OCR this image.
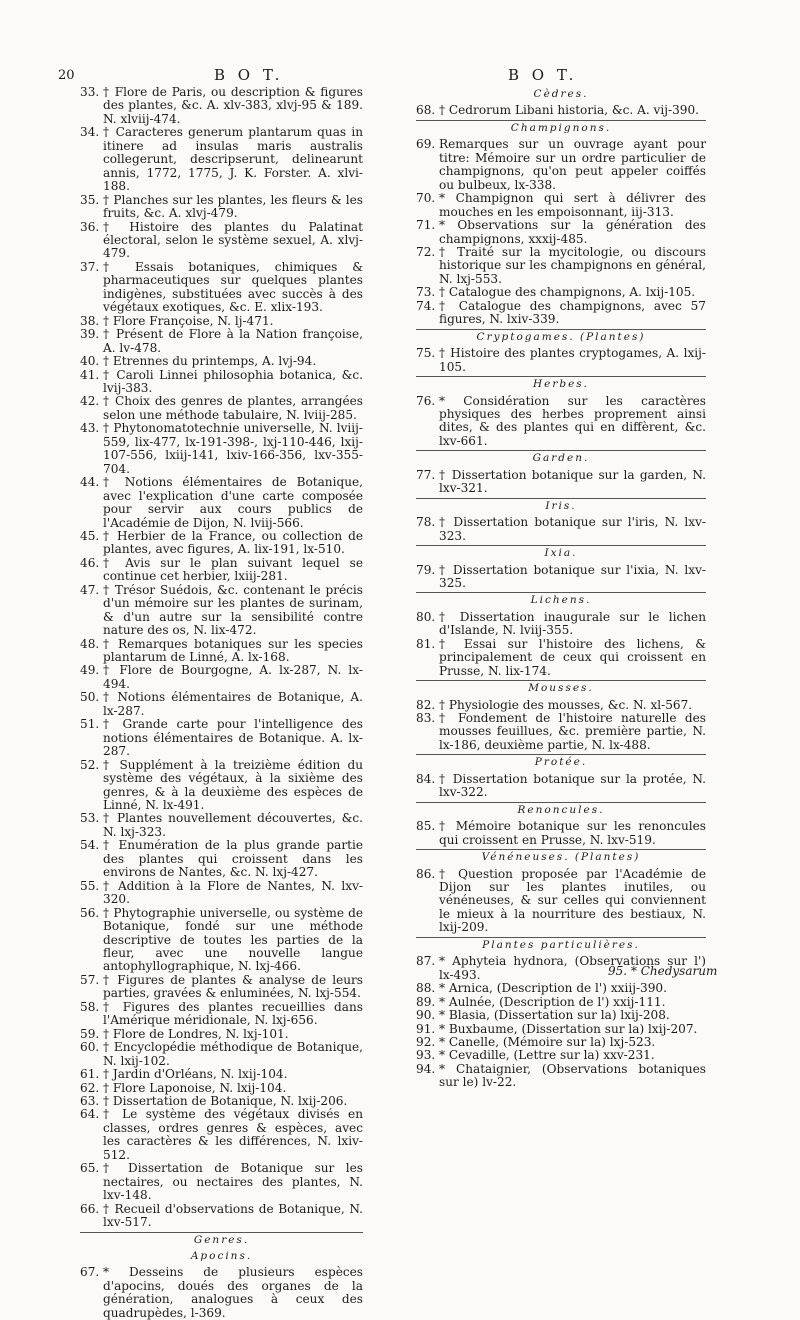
20	B O T.	B O T.
33. † Flore de Paris, ou description & figures des plantes, &c. A. xlv-383, xlvj-95 & 189. N. xlviij-474.
34. † Caracteres generum plantarum quas in itinere ad insulas maris australis collegerunt, descripserunt, delinearunt annis, 1772, 1775, J. K. Forster. A. xlvi-188.
35. † Planches sur les plantes, les fleurs & les fruits, &c. A. xlvj-479.
36. † Histoire des plantes du Palatinat électoral, selon le système sexuel, A. xlvj-479.
37. † Essais botaniques, chimiques & pharmaceutiques sur quelques plantes indigènes, substituées avec succès à des végétaux exotiques, &c. E. xlix-193.
38. † Flore Françoise, N. lj-471.
39. † Présent de Flore à la Nation françoise, A. lv-478.
40. † Etrennes du printemps, A. lvj-94.
41. † Caroli Linnei philosophia botanica, &c. lvij-383.
42. † Choix des genres de plantes, arrangées selon une méthode tabulaire, N. lviij-285.
43. † Phytonomatotechnie universelle, N. lviij-559, lix-477, lx-191-398-, lxj-110-446, lxij-107-556, lxiij-141, lxiv-166-356, lxv-355-704.
44. † Notions élémentaires de Botanique, avec l'explication d'une carte composée pour servir aux cours publics de l'Académie de Dijon, N. lviij-566.
45. † Herbier de la France, ou collection de plantes, avec figures, A. lix-191, lx-510.
46. † Avis sur le plan suivant lequel se continue cet herbier, lxiij-281.
47. † Trésor Suédois, &c. contenant le précis d'un mémoire sur les plantes de surinam, & d'un autre sur la sensibilité contre nature des os, N. lix-472.
48. † Remarques botaniques sur les species plantarum de Linné, A. lx-168.
49. † Flore de Bourgogne, A. lx-287, N. lx-494.
50. † Notions élémentaires de Botanique, A. lx-287.
51. † Grande carte pour l'intelligence des notions élémentaires de Botanique. A. lx-287.
52. † Supplément à la treizième édition du système des végétaux, à la sixième des genres, & à la deuxième des espèces de Linné, N. lx-491.
53. † Plantes nouvellement découvertes, &c. N. lxj-323.
54. † Enumération de la plus grande partie des plantes qui croissent dans les environs de Nantes, &c. N. lxj-427.
55. † Addition à la Flore de Nantes, N. lxv-320.
56. † Phytographie universelle, ou système de Botanique, fondé sur une méthode descriptive de toutes les parties de la fleur, avec une nouvelle langue antophyllographique, N. lxj-466.
57. † Figures de plantes & analyse de leurs parties, gravées & enluminées, N. lxj-554.
58. † Figures des plantes recueillies dans l'Amérique méridionale, N. lxj-656.
59. † Flore de Londres, N. lxj-101.
60. † Encyclopédie méthodique de Botanique, N. lxij-102.
61. † Jardin d'Orléans, N. lxij-104.
62. † Flore Laponoise, N. lxij-104.
63. † Dissertation de Botanique, N. lxij-206.
64. † Le système des végétaux divisés en classes, ordres genres & espèces, avec les caractères & les différences, N. lxiv-512.
65. † Dissertation de Botanique sur les nectaires, ou nectaires des plantes, N. lxv-148.
66. † Recueil d'observations de Botanique, N. lxv-517.
Genres.
Apocins.
67. * Desseins de plusieurs espèces d'apocins, doués des organes de la génération, analogues à ceux des quadrupèdes, l-369.
Cèdres.
68. † Cedrorum Libani historia, &c. A. vij-390.
Champignons.
69. Remarques sur un ouvrage ayant pour titre: Mémoire sur un ordre particulier de champignons, qu'on peut appeler coiffés ou bulbeux, lx-338.
70. * Champignon qui sert à délivrer des mouches en les empoisonnant, iij-313.
71. * Observations sur la génération des champignons, xxxij-485.
72. † Traité sur la mycitologie, ou discours historique sur les champignons en général, N. lxj-553.
73. † Catalogue des champignons, A. lxij-105.
74. † Catalogue des champignons, avec 57 figures, N. lxiv-339.
Cryptogames. (Plantes)
75. † Histoire des plantes cryptogames, A. lxij-105.
Herbes.
76. * Considération sur les caractères physiques des herbes proprement ainsi dites, & des plantes qui en diffèrent, &c. lxv-661.
Garden.
77. † Dissertation botanique sur la garden, N. lxv-321.
Iris.
78. † Dissertation botanique sur l'iris, N. lxv-323.
Ixia.
79. † Dissertation botanique sur l'ixia, N. lxv-325.
Lichens.
80. † Dissertation inaugurale sur le lichen d'Islande, N. lviij-355.
81. † Essai sur l'histoire des lichens, & principalement de ceux qui croissent en Prusse, N. lix-174.
Mousses.
82. † Physiologie des mousses, &c. N. xl-567.
83. † Fondement de l'histoire naturelle des mousses feuillues, &c. première partie, N. lx-186, deuxième partie, N. lx-488.
Protée.
84. † Dissertation botanique sur la protée, N. lxv-322.
Renoncules.
85. † Mémoire botanique sur les renoncules qui croissent en Prusse, N. lxv-519.
Vénéneuses. (Plantes)
86. † Question proposée par l'Académie de Dijon sur les plantes inutiles, ou vénéneuses, & sur celles qui conviennent le mieux à la nourriture des bestiaux, N. lxij-209.
Plantes particulières.
87. * Aphyteia hydnora, (Observations sur l') lx-493.
88. * Arnica, (Description de l') xxiij-390.
89. * Aulnée, (Description de l') xxij-111.
90. * Blasia, (Dissertation sur la) lxij-208.
91. * Buxbaume, (Dissertation sur la) lxij-207.
92. * Canelle, (Mémoire sur la) lxj-523.
93. * Cevadille, (Lettre sur la) xxv-231.
94. * Chataignier, (Observations botaniques sur le) lv-22.
95. * Chedysarum
